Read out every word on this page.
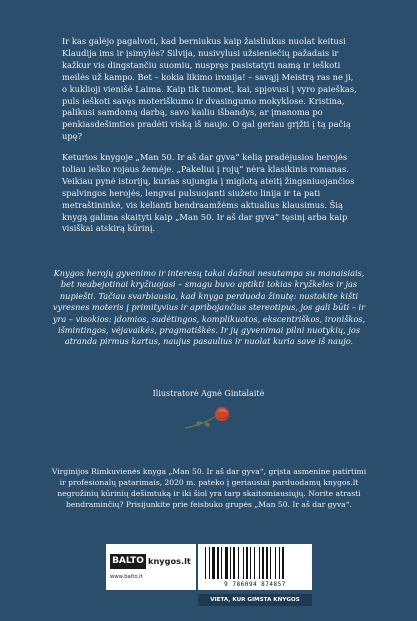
Ir kas galėjo pagalvoti, kad berniukus kaip žaisliukus nuolat keitusi Klaudija ims ir įsimylės? Silvija, nusivylusi užsieniečių pažadais ir kažkur vis dingstančiu suomiu, nuspręs pasistatyti namą ir ieškoti meilės už kampo. Bet – kokia likimo ironija! – savąjį Meistrą ras ne ji, o kuklioji vienišė Laima. Kaip tik tuomet, kai, spjovusi į vyro paieškas, puls ieškoti savęs moteriškumo ir dvasingumo mokyklose. Kristina, palikusi samdomą darbą, savo kailiu išbandys, ar įmanoma po penkiasdešimties pradėti viską iš naujo. O gal geriau grįžti į tą pačią upę?

Keturios knygoje „Man 50. Ir aš dar gyva“ kelią pradėjusios herojės toliau ieško rojaus žemėje. „Pakeliui į rojų“ nėra klasikinis romanas. Veikiau pynė istorijų, kurias sujungia į miglotą ateitį žingsniuojančios spalvingos herojės, lengvai pulsuojanti siužeto linija ir ta pati metraštininkė, vis kelianti bendraamžėms aktualius klausimus. Šią knygą galima skaityti kaip „Man 50. Ir aš dar gyva“ tęsinį arba kaip visiškai atskirą kūrinį.

Knygos herojų gyvenimo ir interesų takai dažnai nesutampa su manaisiais, bet neabejotinai kryžiuojasi – smagu buvo aptikti tokias kryžkeles ir jas nupiešti. Tačiau svarbiausia, kad knyga perduoda žinutę: nustokite kišti vyresnes moteris į primityvius ir apribojančius stereotipus, jos gali būti – ir yra – visokios: įdomios, sudėtingos, komplikuotos, ekscentriškos, ironiškos, išmintingos, vėjavaikės, pragmatiškės. Ir jų gyvenimai pilni nuotykių, jos atranda pirmus kartus, naujus pasaulius ir nuolat kuria save iš naujo.

Iliustratorė Agnė Gintalaitė

Virginijos Rimkuvienės knyga „Man 50. Ir aš dar gyva“, grįsta asmenine patirtimi ir profesionalų patarimais, 2020 m. pateko į geriausiai parduodamų knygos.lt negrožinių kūrinių dešimtuką ir iki šiol yra tarp skaitomiausiųjų. Norite atrasti bendraminčių? Prisijunkite prie feisbuko grupės „Man 50. Ir aš dar gyva“.

BALTO knygos.lt
www.balto.lt
9 786094 874857
VIETA, KUR GIMSTA KNYGOS
